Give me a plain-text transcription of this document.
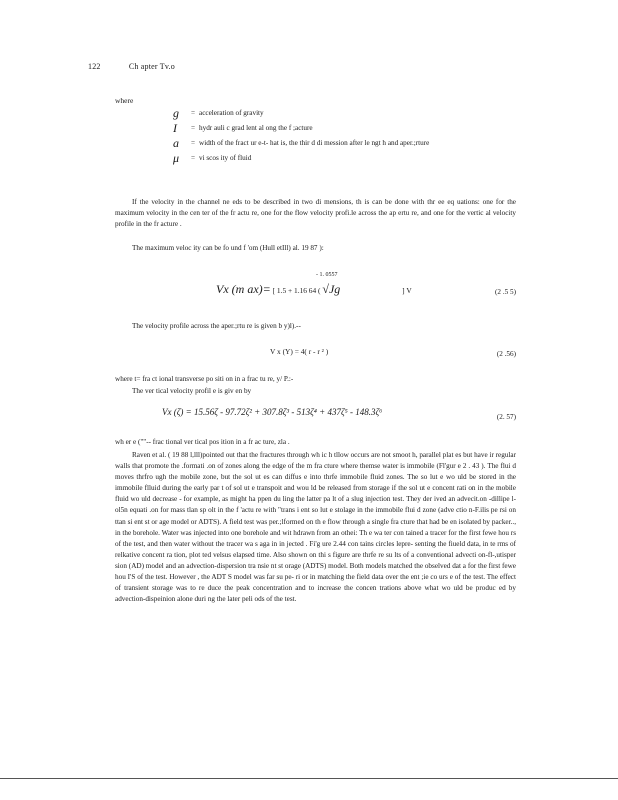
122	Ch apter Tv.o
where
g	= acceleration of gravity
I	= hydr auli c grad lent al ong the f ;acture
a	= width of the fract ur e-t- hat is, the thir d di mession after le ngt h and aper.;rture
μ	= vi scos ity of fluid
If the velocity in the channel ne eds to be described in two di mensions, th is can be done with thr ee eq uations: one for the maximum velocity in the cen ter of the fr actu re, one for the flow velocity profi.le across the ap ertu re, and one for the vertic al velocity profile in the fr acture .
The maximum veloc ity can be fo und f 'om (Hull etIll) al. 19 87 ):
- 1. 0557
Vx (m ax)= [ 1.5 + 1.16 64 ( √Jg	] V	(2 .5 5)
The velocity profile across the aper.;rtu re is given b y)l).--
V x (Y) = 4( r - r ² )	(2 .56)
where t= fra ct ional transverse po siti on in a frac tu re, y/ P.:-
The ver tical velocity profil e is giv en by
Vx (ζ) = 15.56ζ - 97.72ζ² + 307.8ζ³ - 513ζ⁴ + 437ζ⁵ - 148.3ζ⁶	(2. 57)
wh er e (""-- frac tional ver tical pos ition in a fr ac ture, zla .
Raven et al. ( 19 88 l,lll)pointed out that the fractures through wh ic h tllow occurs are not smoot h, parallel plat es but have ir regular walls that promote the .formati .on of zones along the edge of the m fra cture where themse water is immobile (Fl'gur e 2 . 43 ). The flui d moves thrfro ugh the mobile zone, but the sol ut es can diffus e into thrfe immobile fluid zones. The so lut e wo uld be stored in the immobile flluid during the early par t of sol ut e transpoit and wou ld be released from storage if the sol ut e concent rati on in the mobile fluid wo uld decrease - for example, as might ha ppen du ling the latter pa lt of a slug injection test. They der ived an advecit.on -dillipe l-ol5n equati .on for mass tlan sp olt in the f 'actu re with "trans i ent so lut e stolage in the immobile flui d zone (adve ctio n-F.ilis pe rsi on ttan si ent st or age model or ADTS). A field test was per.;lformed on th e flow through a single fra cture that had be en isolated by packer.., in the borehole. Water was injected into one borehole and wit hdrawn from an othei: Th e wa ter con tained a tracer for the first fewe hou rs of the test, and then water without the tracer wa s aga in in jected . Fi'g ure 2.44 con tains circles lepre- senting the fiueld data, in te rms of relkative concent ra tion, plot ted velsus elapsed time. Also shown on thi s figure are thrfe re su lts of a conventional advecti on-fl-,utisper sion (AD) model and an advection-dispersion tra nsie nt st orage (ADTS) model. Both models matched the obselved dat a for the first fewe hou I'S of the test. However , the ADT S model was far su pe- ri or in matching the field data over the ent ;ie co urs e of the test. The effect of transient storage was to re duce the peak concentration and to increase the concen trations above what wo uld be produc ed by advection-dispeinion alone duri ng the later peli ods of the test.
